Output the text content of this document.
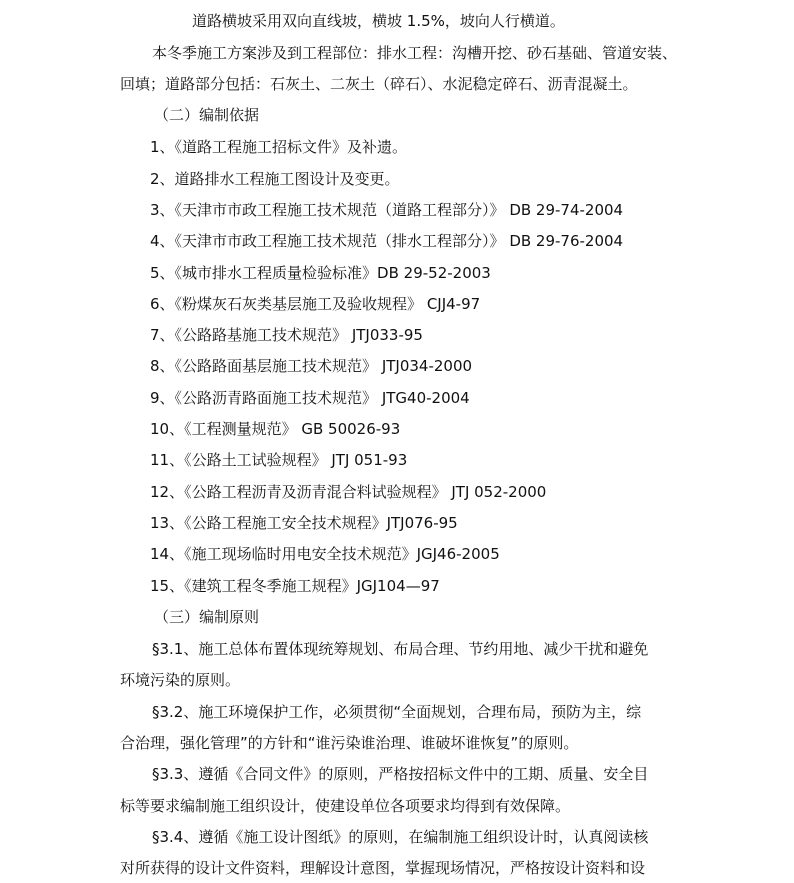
道路横坡采用双向直线坡，横坡 1.5%，坡向人行横道。
本冬季施工方案涉及到工程部位：排水工程：沟槽开挖、砂石基础、管道安装、
回填；道路部分包括：石灰土、二灰土（碎石）、水泥稳定碎石、沥青混凝土。
（二）编制依据
1、《道路工程施工招标文件》及补遗。
2、道路排水工程施工图设计及变更。
3、《天津市市政工程施工技术规范（道路工程部分）》 DB 29-74-2004
4、《天津市市政工程施工技术规范（排水工程部分）》 DB 29-76-2004
5、《城市排水工程质量检验标准》DB 29-52-2003
6、《粉煤灰石灰类基层施工及验收规程》 CJJ4-97
7、《公路路基施工技术规范》 JTJ033-95
8、《公路路面基层施工技术规范》 JTJ034-2000
9、《公路沥青路面施工技术规范》 JTG40-2004
10、《工程测量规范》 GB 50026-93
11、《公路土工试验规程》 JTJ 051-93
12、《公路工程沥青及沥青混合料试验规程》 JTJ 052-2000
13、《公路工程施工安全技术规程》JTJ076-95
14、《施工现场临时用电安全技术规范》JGJ46-2005
15、《建筑工程冬季施工规程》JGJ104—97
（三）编制原则
§3.1、施工总体布置体现统筹规划、布局合理、节约用地、减少干扰和避免
环境污染的原则。
§3.2、施工环境保护工作，必须贯彻“全面规划，合理布局，预防为主，综
合治理，强化管理”的方针和“谁污染谁治理、谁破坏谁恢复”的原则。
§3.3、遵循《合同文件》的原则，严格按招标文件中的工期、质量、安全目
标等要求编制施工组织设计，使建设单位各项要求均得到有效保障。
§3.4、遵循《施工设计图纸》的原则，在编制施工组织设计时，认真阅读核
对所获得的设计文件资料，理解设计意图，掌握现场情况，严格按设计资料和设
